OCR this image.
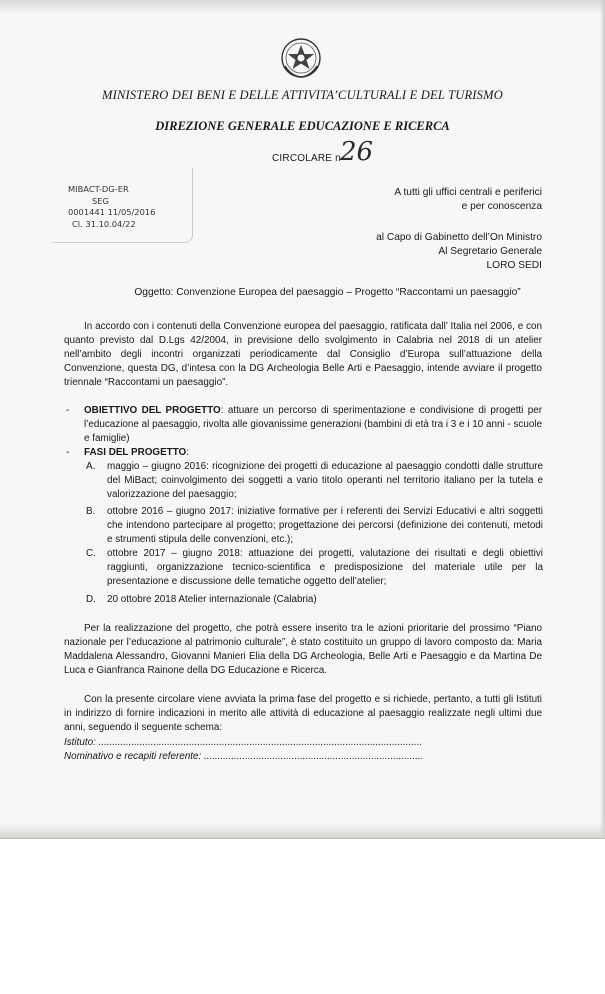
MINISTERO DEI BENI E DELLE ATTIVITA’CULTURALI E DEL TURISMO
DIREZIONE GENERALE EDUCAZIONE E RICERCA
CIRCOLARE n 26
MIBACT-DG-ER
SEG
0001441 11/05/2016
Cl. 31.10.04/22
A tutti gli uffici centrali e periferici
e per conoscenza
al Capo di Gabinetto dell’On Ministro
Al Segretario Generale
LORO SEDI
Oggetto: Convenzione Europea del paesaggio – Progetto “Raccontami un paesaggio”
In accordo con i contenuti della Convenzione europea del paesaggio, ratificata dall’ Italia nel 2006, e con quanto previsto dal D.Lgs 42/2004, in previsione dello svolgimento in Calabria nel 2018 di un atelier nell’ambito degli incontri organizzati periodicamente dal Consiglio d’Europa sull’attuazione della Convenzione, questa DG, d’intesa con la DG Archeologia Belle Arti e Paesaggio, intende avviare il progetto triennale “Raccontami un paesaggio”.
- OBIETTIVO DEL PROGETTO: attuare un percorso di sperimentazione e condivisione di progetti per l’educazione al paesaggio, rivolta alle giovanissime generazioni (bambini di età tra i 3 e i 10 anni - scuole e famiglie)
- FASI DEL PROGETTO:
A. maggio – giugno 2016: ricognizione dei progetti di educazione al paesaggio condotti dalle strutture del MiBact; coinvolgimento dei soggetti a vario titolo operanti nel territorio italiano per la tutela e valorizzazione del paesaggio;
B. ottobre 2016 – giugno 2017: iniziative formative per i referenti dei Servizi Educativi e altri soggetti che intendono partecipare al progetto; progettazione dei percorsi (definizione dei contenuti, metodi e strumenti stipula delle convenzioni, etc.);
C. ottobre 2017 – giugno 2018: attuazione dei progetti, valutazione dei risultati e degli obiettivi raggiunti, organizzazione tecnico-scientifica e predisposizione del materiale utile per la presentazione e discussione delle tematiche oggetto dell’atelier;
D. 20 ottobre 2018 Atelier internazionale (Calabria)
Per la realizzazione del progetto, che potrà essere inserito tra le azioni prioritarie del prossimo “Piano nazionale per l’educazione al patrimonio culturale”, è stato costituito un gruppo di lavoro composto da: Maria Maddalena Alessandro, Giovanni Manieri Elia della DG Archeologia, Belle Arti e Paesaggio e da Martina De Luca e Gianfranca Rainone della DG Educazione e Ricerca.
Con la presente circolare viene avviata la prima fase del progetto e si richiede, pertanto, a tutti gli Istituti in indirizzo di fornire indicazioni in merito alle attività di educazione al paesaggio realizzate negli ultimi due anni, seguendo il seguente schema:
Istituto: ......................................................................................................................
Nominativo e recapiti referente: ................................................................................
